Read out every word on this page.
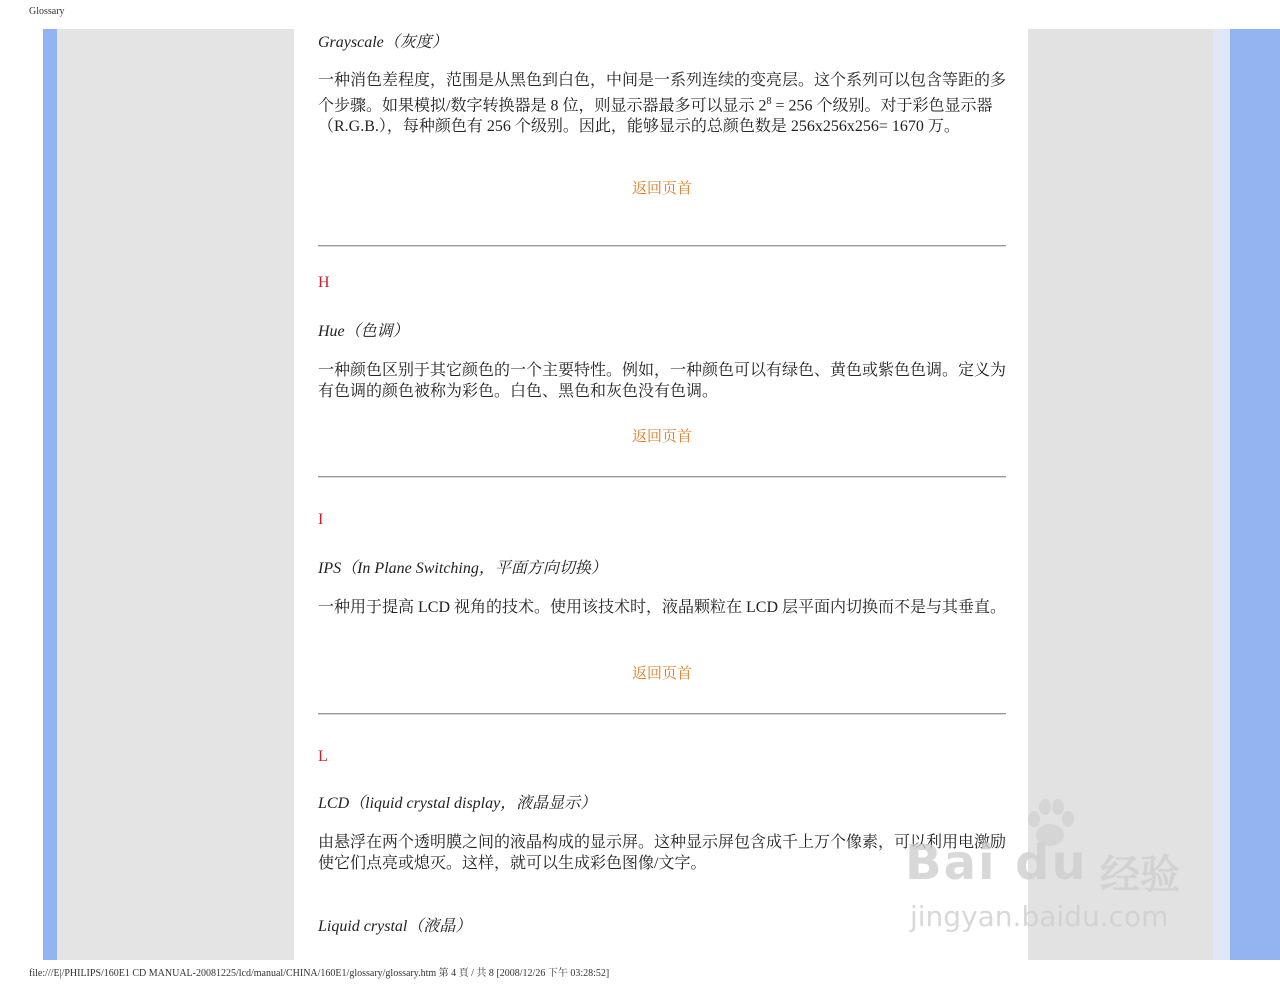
Glossary
Grayscale（灰度）
一种消色差程度，范围是从黑色到白色，中间是一系列连续的变亮层。这个系列可以包含等距的多个步骤。如果模拟/数字转换器是 8 位，则显示器最多可以显示 $2^8 = 256$ 个级别。对于彩色显示器（R.G.B.），每种颜色有 256 个级别。因此，能够显示的总颜色数是 256x256x256= 1670 万。
返回页首
H
Hue（色调）
一种颜色区别于其它颜色的一个主要特性。例如，一种颜色可以有绿色、黄色或紫色色调。定义为有色调的颜色被称为彩色。白色、黑色和灰色没有色调。
返回页首
I
IPS（In Plane Switching，平面方向切换）
一种用于提高 LCD 视角的技术。使用该技术时，液晶颗粒在 LCD 层平面内切换而不是与其垂直。
返回页首
L
LCD（liquid crystal display，液晶显示）
由悬浮在两个透明膜之间的液晶构成的显示屏。这种显示屏包含成千上万个像素，可以利用电激励使它们点亮或熄灭。这样，就可以生成彩色图像/文字。
Liquid crystal（液晶）
Bai du 经验
jingyan.baidu.com
file:///E|/PHILIPS/160E1 CD MANUAL-20081225/lcd/manual/CHINA/160E1/glossary/glossary.htm 第 4 頁 / 共 8 [2008/12/26 下午 03:28:52]
